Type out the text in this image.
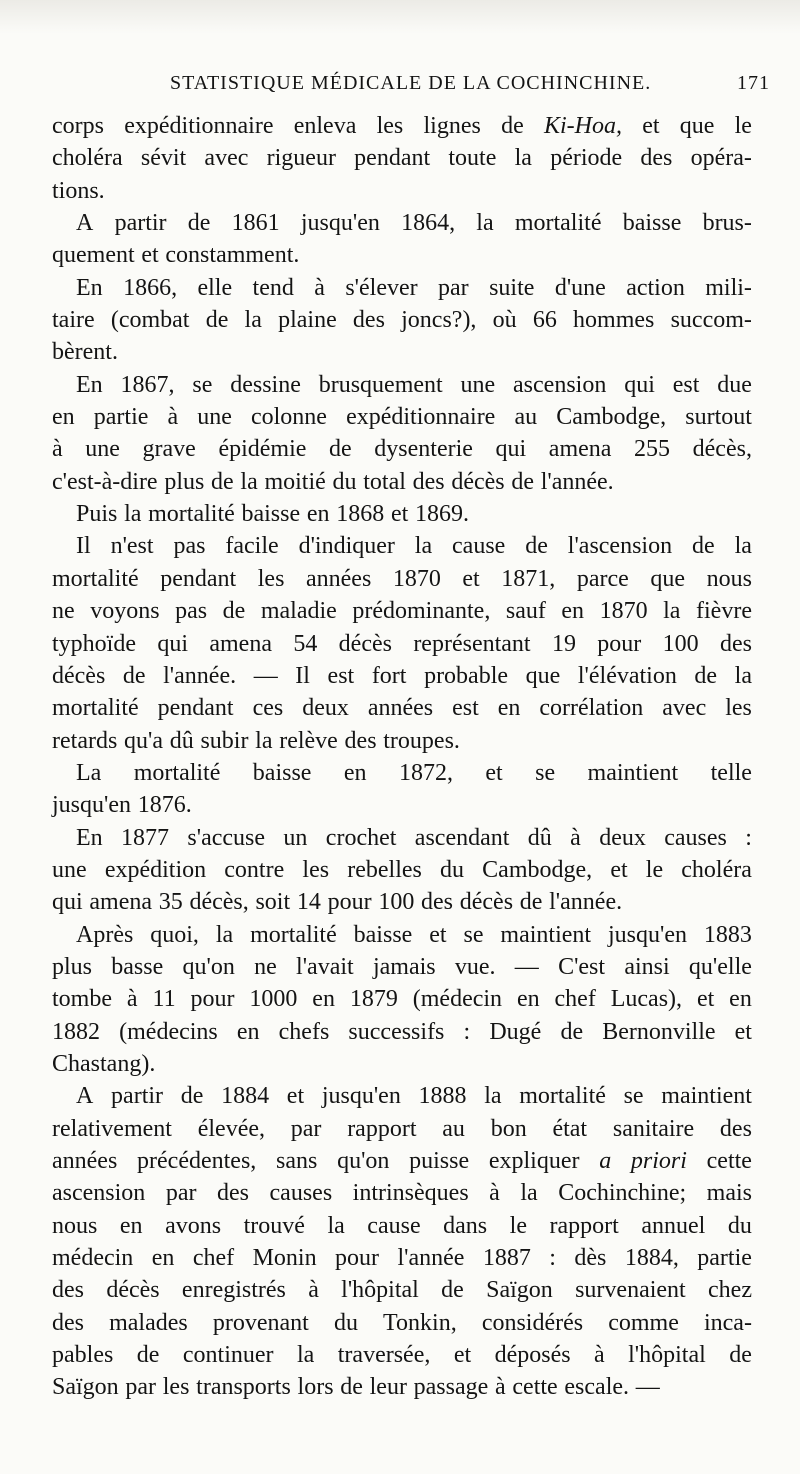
STATISTIQUE MÉDICALE DE LA COCHINCHINE.	171
corps expéditionnaire enleva les lignes de Ki-Hoa, et que le
choléra sévit avec rigueur pendant toute la période des opéra-
tions.
A partir de 1861 jusqu'en 1864, la mortalité baisse brus-
quement et constamment.
En 1866, elle tend à s'élever par suite d'une action mili-
taire (combat de la plaine des joncs?), où 66 hommes succom-
bèrent.
En 1867, se dessine brusquement une ascension qui est due
en partie à une colonne expéditionnaire au Cambodge, surtout
à une grave épidémie de dysenterie qui amena 255 décès,
c'est-à-dire plus de la moitié du total des décès de l'année.
Puis la mortalité baisse en 1868 et 1869.
Il n'est pas facile d'indiquer la cause de l'ascension de la
mortalité pendant les années 1870 et 1871, parce que nous
ne voyons pas de maladie prédominante, sauf en 1870 la fièvre
typhoïde qui amena 54 décès représentant 19 pour 100 des
décès de l'année. — Il est fort probable que l'élévation de la
mortalité pendant ces deux années est en corrélation avec les
retards qu'a dû subir la relève des troupes.
La mortalité baisse en 1872, et se maintient telle
jusqu'en 1876.
En 1877 s'accuse un crochet ascendant dû à deux causes :
une expédition contre les rebelles du Cambodge, et le choléra
qui amena 35 décès, soit 14 pour 100 des décès de l'année.
Après quoi, la mortalité baisse et se maintient jusqu'en 1883
plus basse qu'on ne l'avait jamais vue. — C'est ainsi qu'elle
tombe à 11 pour 1000 en 1879 (médecin en chef Lucas), et en
1882 (médecins en chefs successifs : Dugé de Bernonville et
Chastang).
A partir de 1884 et jusqu'en 1888 la mortalité se maintient
relativement élevée, par rapport au bon état sanitaire des
années précédentes, sans qu'on puisse expliquer a priori cette
ascension par des causes intrinsèques à la Cochinchine; mais
nous en avons trouvé la cause dans le rapport annuel du
médecin en chef Monin pour l'année 1887 : dès 1884, partie
des décès enregistrés à l'hôpital de Saïgon survenaient chez
des malades provenant du Tonkin, considérés comme inca-
pables de continuer la traversée, et déposés à l'hôpital de
Saïgon par les transports lors de leur passage à cette escale. —
